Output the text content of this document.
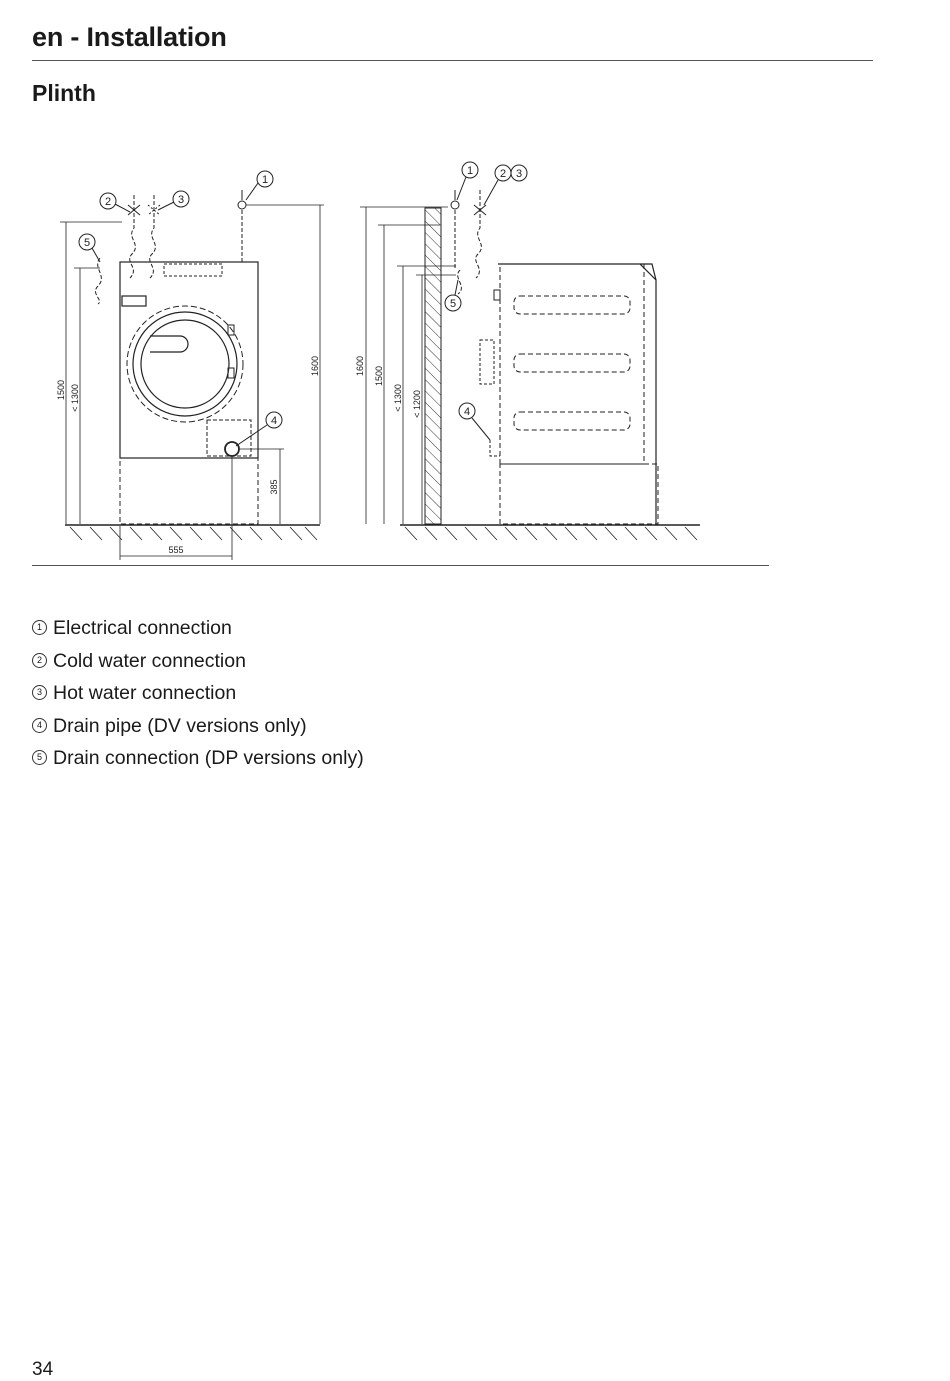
en - Installation
Plinth
1
2	3
5
4
1500 < 1300
1600
385
555
1 2 3
5
4
1600 1500
< 1300 < 1200
1 Electrical connection
2 Cold water connection
3 Hot water connection
4 Drain pipe (DV versions only)
5 Drain connection (DP versions only)
34
